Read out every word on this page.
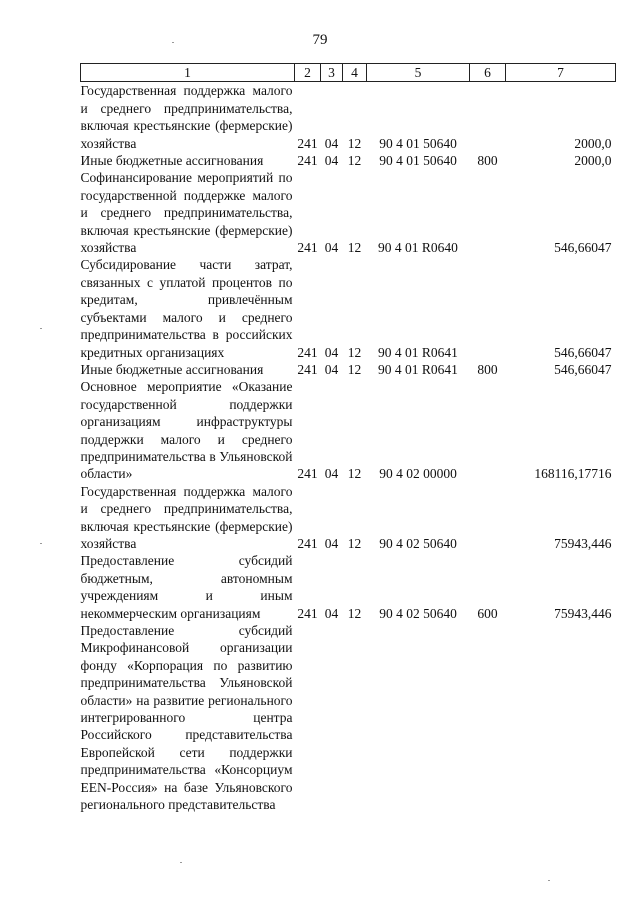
79
1	2	3	4	5	6	7
Государственная поддержка малого и среднего предпринимательства, включая крестьянские (фермерские) хозяйства	241	04	12	90 4 01 50640		2000,0
Иные бюджетные ассигнования	241	04	12	90 4 01 50640	800	2000,0
Софинансирование мероприятий по государственной поддержке малого и среднего предпринимательства, включая крестьянские (фермерские) хозяйства	241	04	12	90 4 01 R0640		546,66047
Субсидирование части затрат, связанных с уплатой процентов по кредитам, привлечённым субъектами малого и среднего предпринимательства в российских кредитных организациях	241	04	12	90 4 01 R0641		546,66047
Иные бюджетные ассигнования	241	04	12	90 4 01 R0641	800	546,66047
Основное мероприятие «Оказание государственной поддержки организациям инфраструктуры поддержки малого и среднего предпринимательства в Ульяновской области»	241	04	12	90 4 02 00000		168116,17716
Государственная поддержка малого и среднего предпринимательства, включая крестьянские (фермерские) хозяйства	241	04	12	90 4 02 50640		75943,446
Предоставление субсидий бюджетным, автономным учреждениям и иным некоммерческим организациям	241	04	12	90 4 02 50640	600	75943,446
Предоставление субсидий Микрофинансовой организации фонду «Корпорация по развитию предпринимательства Ульяновской области» на развитие регионального интегрированного центра Российского представительства Европейской сети поддержки предпринимательства «Консорциум EEN-Россия» на базе Ульяновского регионального представительства						
